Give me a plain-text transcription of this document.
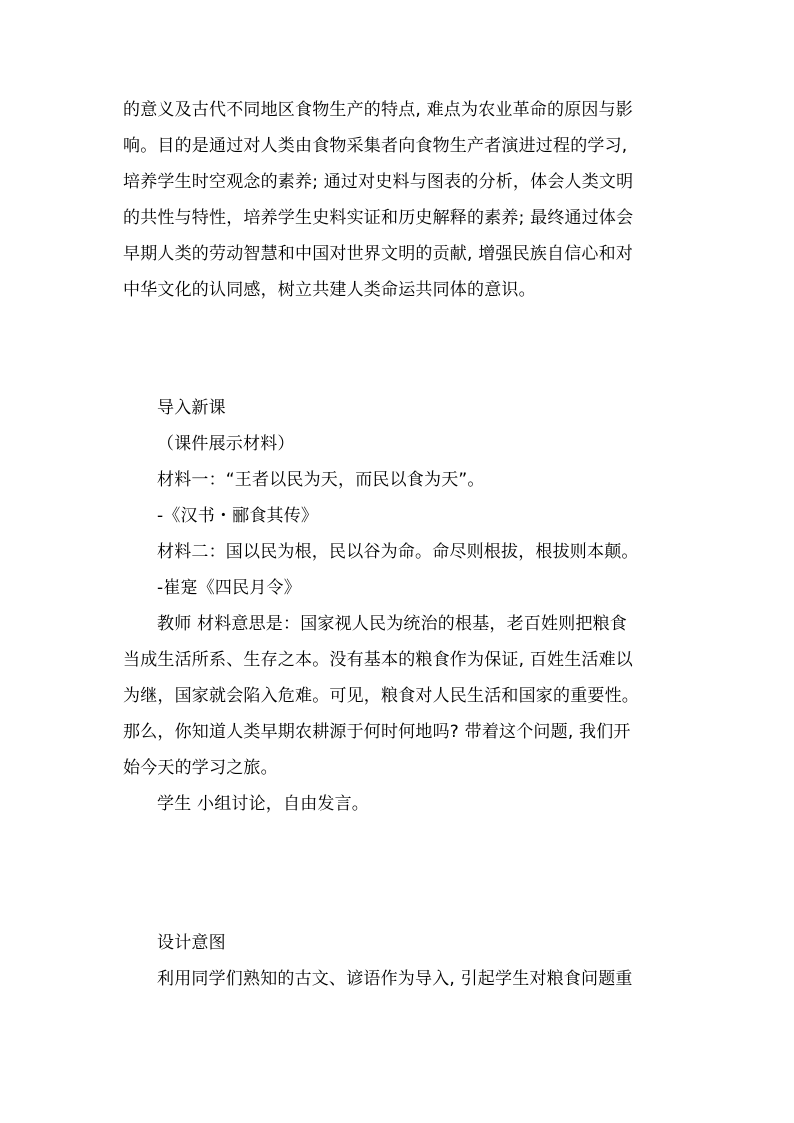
的意义及古代不同地区食物生产的特点, 难点为农业革命的原因与影
响。目的是通过对人类由食物采集者向食物生产者演进过程的学习,
培养学生时空观念的素养; 通过对史料与图表的分析，体会人类文明
的共性与特性，培养学生史料实证和历史解释的素养; 最终通过体会
早期人类的劳动智慧和中国对世界文明的贡献, 增强民族自信心和对
中华文化的认同感，树立共建人类命运共同体的意识。
导入新课
（课件展示材料）
材料一：“王者以民为天，而民以食为天”。
-《汉书・郦食其传》
材料二：国以民为根，民以谷为命。命尽则根拔，根拔则本颠。
-崔寔《四民月令》
教师 材料意思是：国家视人民为统治的根基，老百姓则把粮食
当成生活所系、生存之本。没有基本的粮食作为保证, 百姓生活难以
为继，国家就会陷入危难。可见，粮食对人民生活和国家的重要性。
那么，你知道人类早期农耕源于何时何地吗? 带着这个问题, 我们开
始今天的学习之旅。
学生 小组讨论，自由发言。
设计意图
利用同学们熟知的古文、谚语作为导入, 引起学生对粮食问题重
